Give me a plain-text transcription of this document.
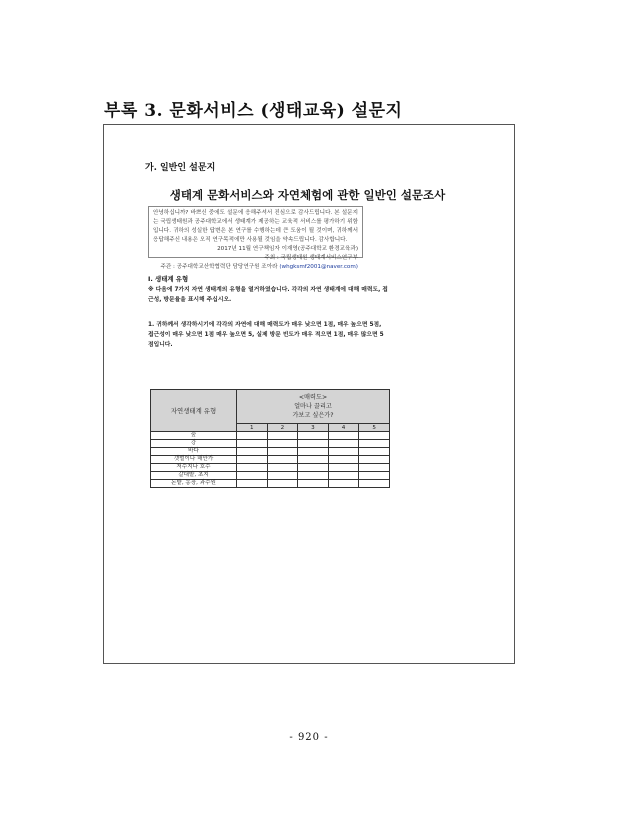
부록 3. 문화서비스 (생태교육) 설문지
가. 일반인 설문지
생태계 문화서비스와 자연체험에 관한 일반인 설문조사
안녕하십니까? 바쁘신 중에도 설문에 응해주셔서 진심으로 감사드립니다. 본 설문지는 국립생태원과 공주대학교에서 생태계가 제공하는 교육적 서비스를 평가하기 위함입니다. 귀하의 성실한 답변은 본 연구를 수행하는데 큰 도움이 될 것이며, 귀하께서 응답해주신 내용은 오직 연구목적에만 사용될 것임을 약속드립니다. 감사합니다.
2017년 11월 연구책임자 이재영(공주대학교 환경교육과)
주최 : 국립생태원 생태계서비스연구부
주관 : 공주대학교산학협력단 담당연구원 조아라 (whgksmf2001@naver.com)
I. 생태계 유형
※ 다음에 7가지 자연 생태계의 유형을 열거하였습니다. 각각의 자연 생태계에 대해 매력도, 접근성, 방문율을 표시해 주십시오.
1. 귀하께서 생각하시기에 각각의 자연에 대해 매력도가 매우 낮으면 1점, 매우 높으면 5점, 접근성이 매우 낮으면 1점 매우 높으면 5, 실제 방문 빈도가 매우 적으면 1점, 매우 많으면 5점입니다.
자연생태계 유형	<매력도>
얼마나 끌리고
가보고 싶은가?				

	1	2	3	4	5
숲					
강					
바다					
갯벌이나 해안가					
저수지나 호수					
갈대밭, 초지					
논밭, 농장, 과수원					
- 920 -
